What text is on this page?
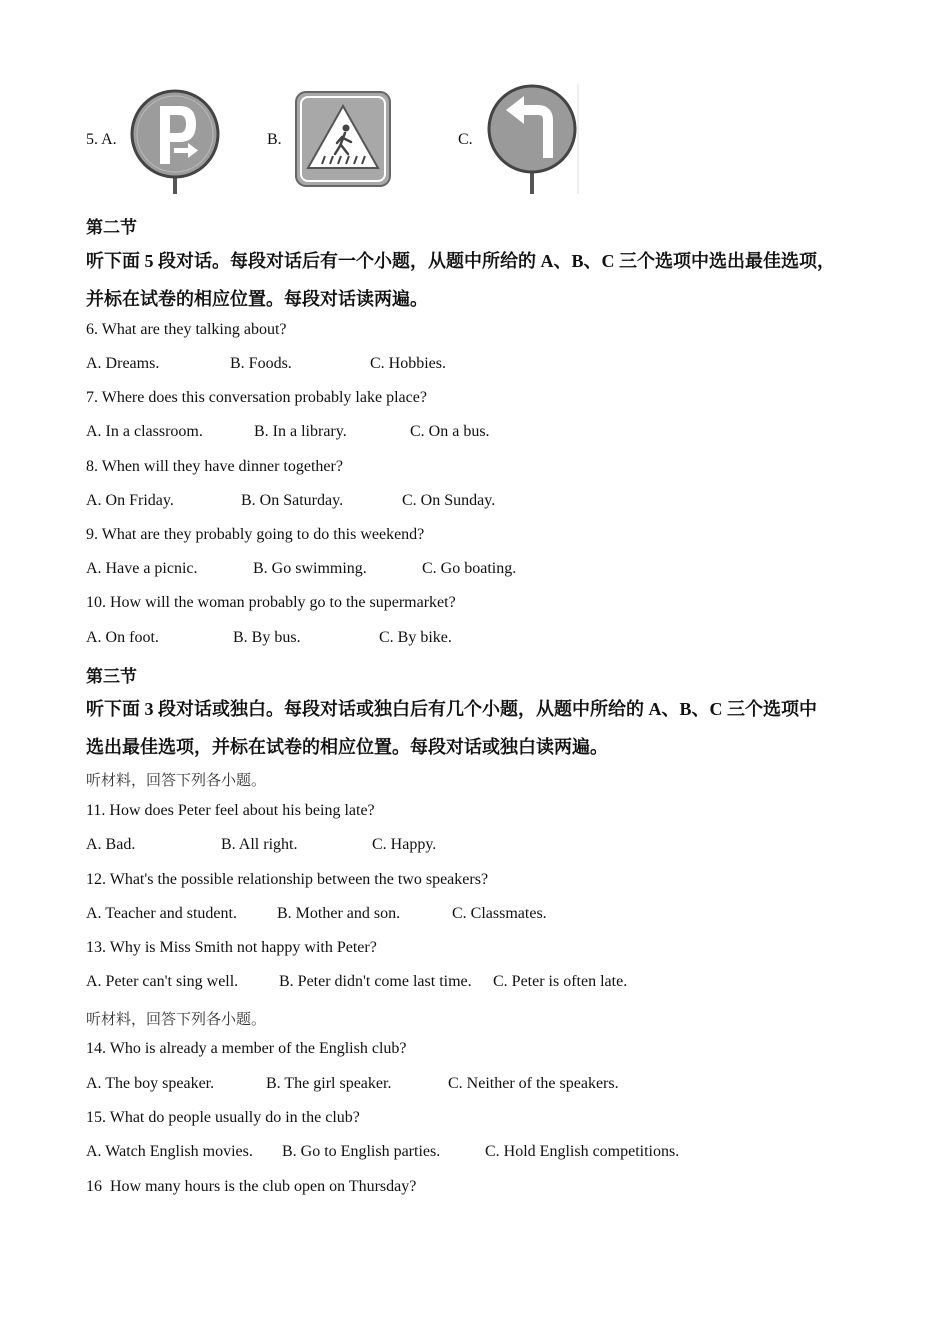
5. A.	B.	C.
第二节
听下面 5 段对话。每段对话后有一个小题，从题中所给的 A、B、C 三个选项中选出最佳选项，
并标在试卷的相应位置。每段对话读两遍。
6. What are they talking about?
A. Dreams.	B. Foods.	C. Hobbies.
7. Where does this conversation probably lake place?
A. In a classroom.	B. In a library.	C. On a bus.
8. When will they have dinner together?
A. On Friday.	B. On Saturday.	C. On Sunday.
9. What are they probably going to do this weekend?
A. Have a picnic.	B. Go swimming.	C. Go boating.
10. How will the woman probably go to the supermarket?
A. On foot.	B. By bus.	C. By bike.
第三节
听下面 3 段对话或独白。每段对话或独白后有几个小题，从题中所给的 A、B、C 三个选项中
选出最佳选项，并标在试卷的相应位置。每段对话或独白读两遍。
听材料，回答下列各小题。
11. How does Peter feel about his being late?
A. Bad.	B. All right.	C. Happy.
12. What's the possible relationship between the two speakers?
A. Teacher and student.	B. Mother and son.	C. Classmates.
13. Why is Miss Smith not happy with Peter?
A. Peter can't sing well.	B. Peter didn't come last time. C. Peter is often late.
听材料，回答下列各小题。
14. Who is already a member of the English club?
A. The boy speaker.	B. The girl speaker.	C. Neither of the speakers.
15. What do people usually do in the club?
A. Watch English movies. B. Go to English parties.	C. Hold English competitions.
16  How many hours is the club open on Thursday?
